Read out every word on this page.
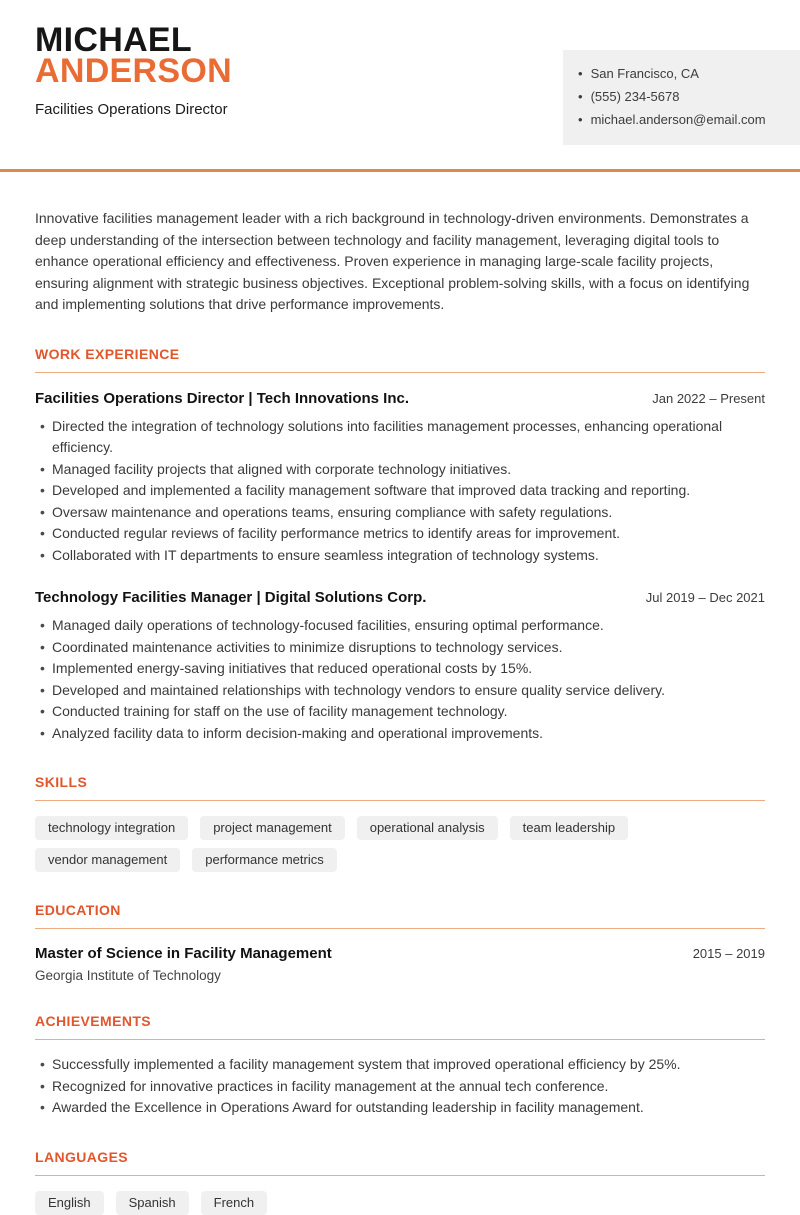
MICHAEL
ANDERSON
Facilities Operations Director
• San Francisco, CA
• (555) 234-5678
• michael.anderson@email.com

Innovative facilities management leader with a rich background in technology-driven environments. Demonstrates a deep understanding of the intersection between technology and facility management, leveraging digital tools to enhance operational efficiency and effectiveness. Proven experience in managing large-scale facility projects, ensuring alignment with strategic business objectives. Exceptional problem-solving skills, with a focus on identifying and implementing solutions that drive performance improvements.

WORK EXPERIENCE
Facilities Operations Director | Tech Innovations Inc.	Jan 2022 – Present
• Directed the integration of technology solutions into facilities management processes, enhancing operational efficiency.
• Managed facility projects that aligned with corporate technology initiatives.
• Developed and implemented a facility management software that improved data tracking and reporting.
• Oversaw maintenance and operations teams, ensuring compliance with safety regulations.
• Conducted regular reviews of facility performance metrics to identify areas for improvement.
• Collaborated with IT departments to ensure seamless integration of technology systems.
Technology Facilities Manager | Digital Solutions Corp.	Jul 2019 – Dec 2021
• Managed daily operations of technology-focused facilities, ensuring optimal performance.
• Coordinated maintenance activities to minimize disruptions to technology services.
• Implemented energy-saving initiatives that reduced operational costs by 15%.
• Developed and maintained relationships with technology vendors to ensure quality service delivery.
• Conducted training for staff on the use of facility management technology.
• Analyzed facility data to inform decision-making and operational improvements.
SKILLS
technology integration	project management	operational analysis	team leadership
vendor management	performance metrics
EDUCATION
Master of Science in Facility Management	2015 – 2019
Georgia Institute of Technology
ACHIEVEMENTS
• Successfully implemented a facility management system that improved operational efficiency by 25%.
• Recognized for innovative practices in facility management at the annual tech conference.
• Awarded the Excellence in Operations Award for outstanding leadership in facility management.
LANGUAGES
English	Spanish	French
